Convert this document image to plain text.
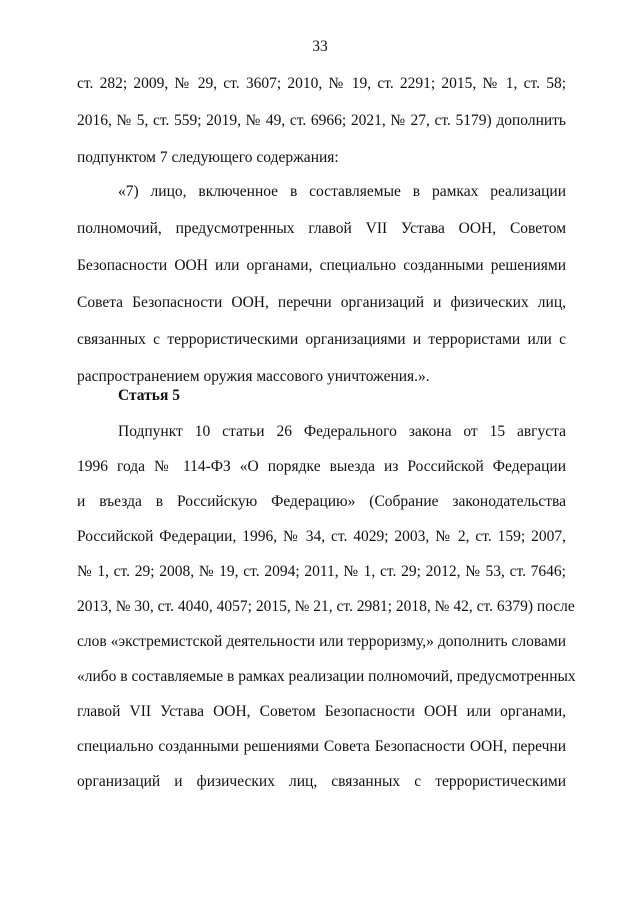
33
ст. 282; 2009, № 29, ст. 3607; 2010, № 19, ст. 2291; 2015, № 1, ст. 58;
2016, № 5, ст. 559; 2019, № 49, ст. 6966; 2021, № 27, ст. 5179) дополнить
подпунктом 7 следующего содержания:
«7) лицо, включенное в составляемые в рамках реализации
полномочий, предусмотренных главой VII Устава ООН, Советом
Безопасности ООН или органами, специально созданными решениями
Совета Безопасности ООН, перечни организаций и физических лиц,
связанных с террористическими организациями и террористами или с
распространением оружия массового уничтожения.».
Статья 5
Подпункт 10 статьи 26 Федерального закона от 15 августа
1996 года № 114-ФЗ «О порядке выезда из Российской Федерации
и въезда в Российскую Федерацию» (Собрание законодательства
Российской Федерации, 1996, № 34, ст. 4029; 2003, № 2, ст. 159; 2007,
№ 1, ст. 29; 2008, № 19, ст. 2094; 2011, № 1, ст. 29; 2012, № 53, ст. 7646;
2013, № 30, ст. 4040, 4057; 2015, № 21, ст. 2981; 2018, № 42, ст. 6379) после
слов «экстремистской деятельности или терроризму,» дополнить словами
«либо в составляемые в рамках реализации полномочий, предусмотренных
главой VII Устава ООН, Советом Безопасности ООН или органами,
специально созданными решениями Совета Безопасности ООН, перечни
организаций и физических лиц, связанных с террористическими
